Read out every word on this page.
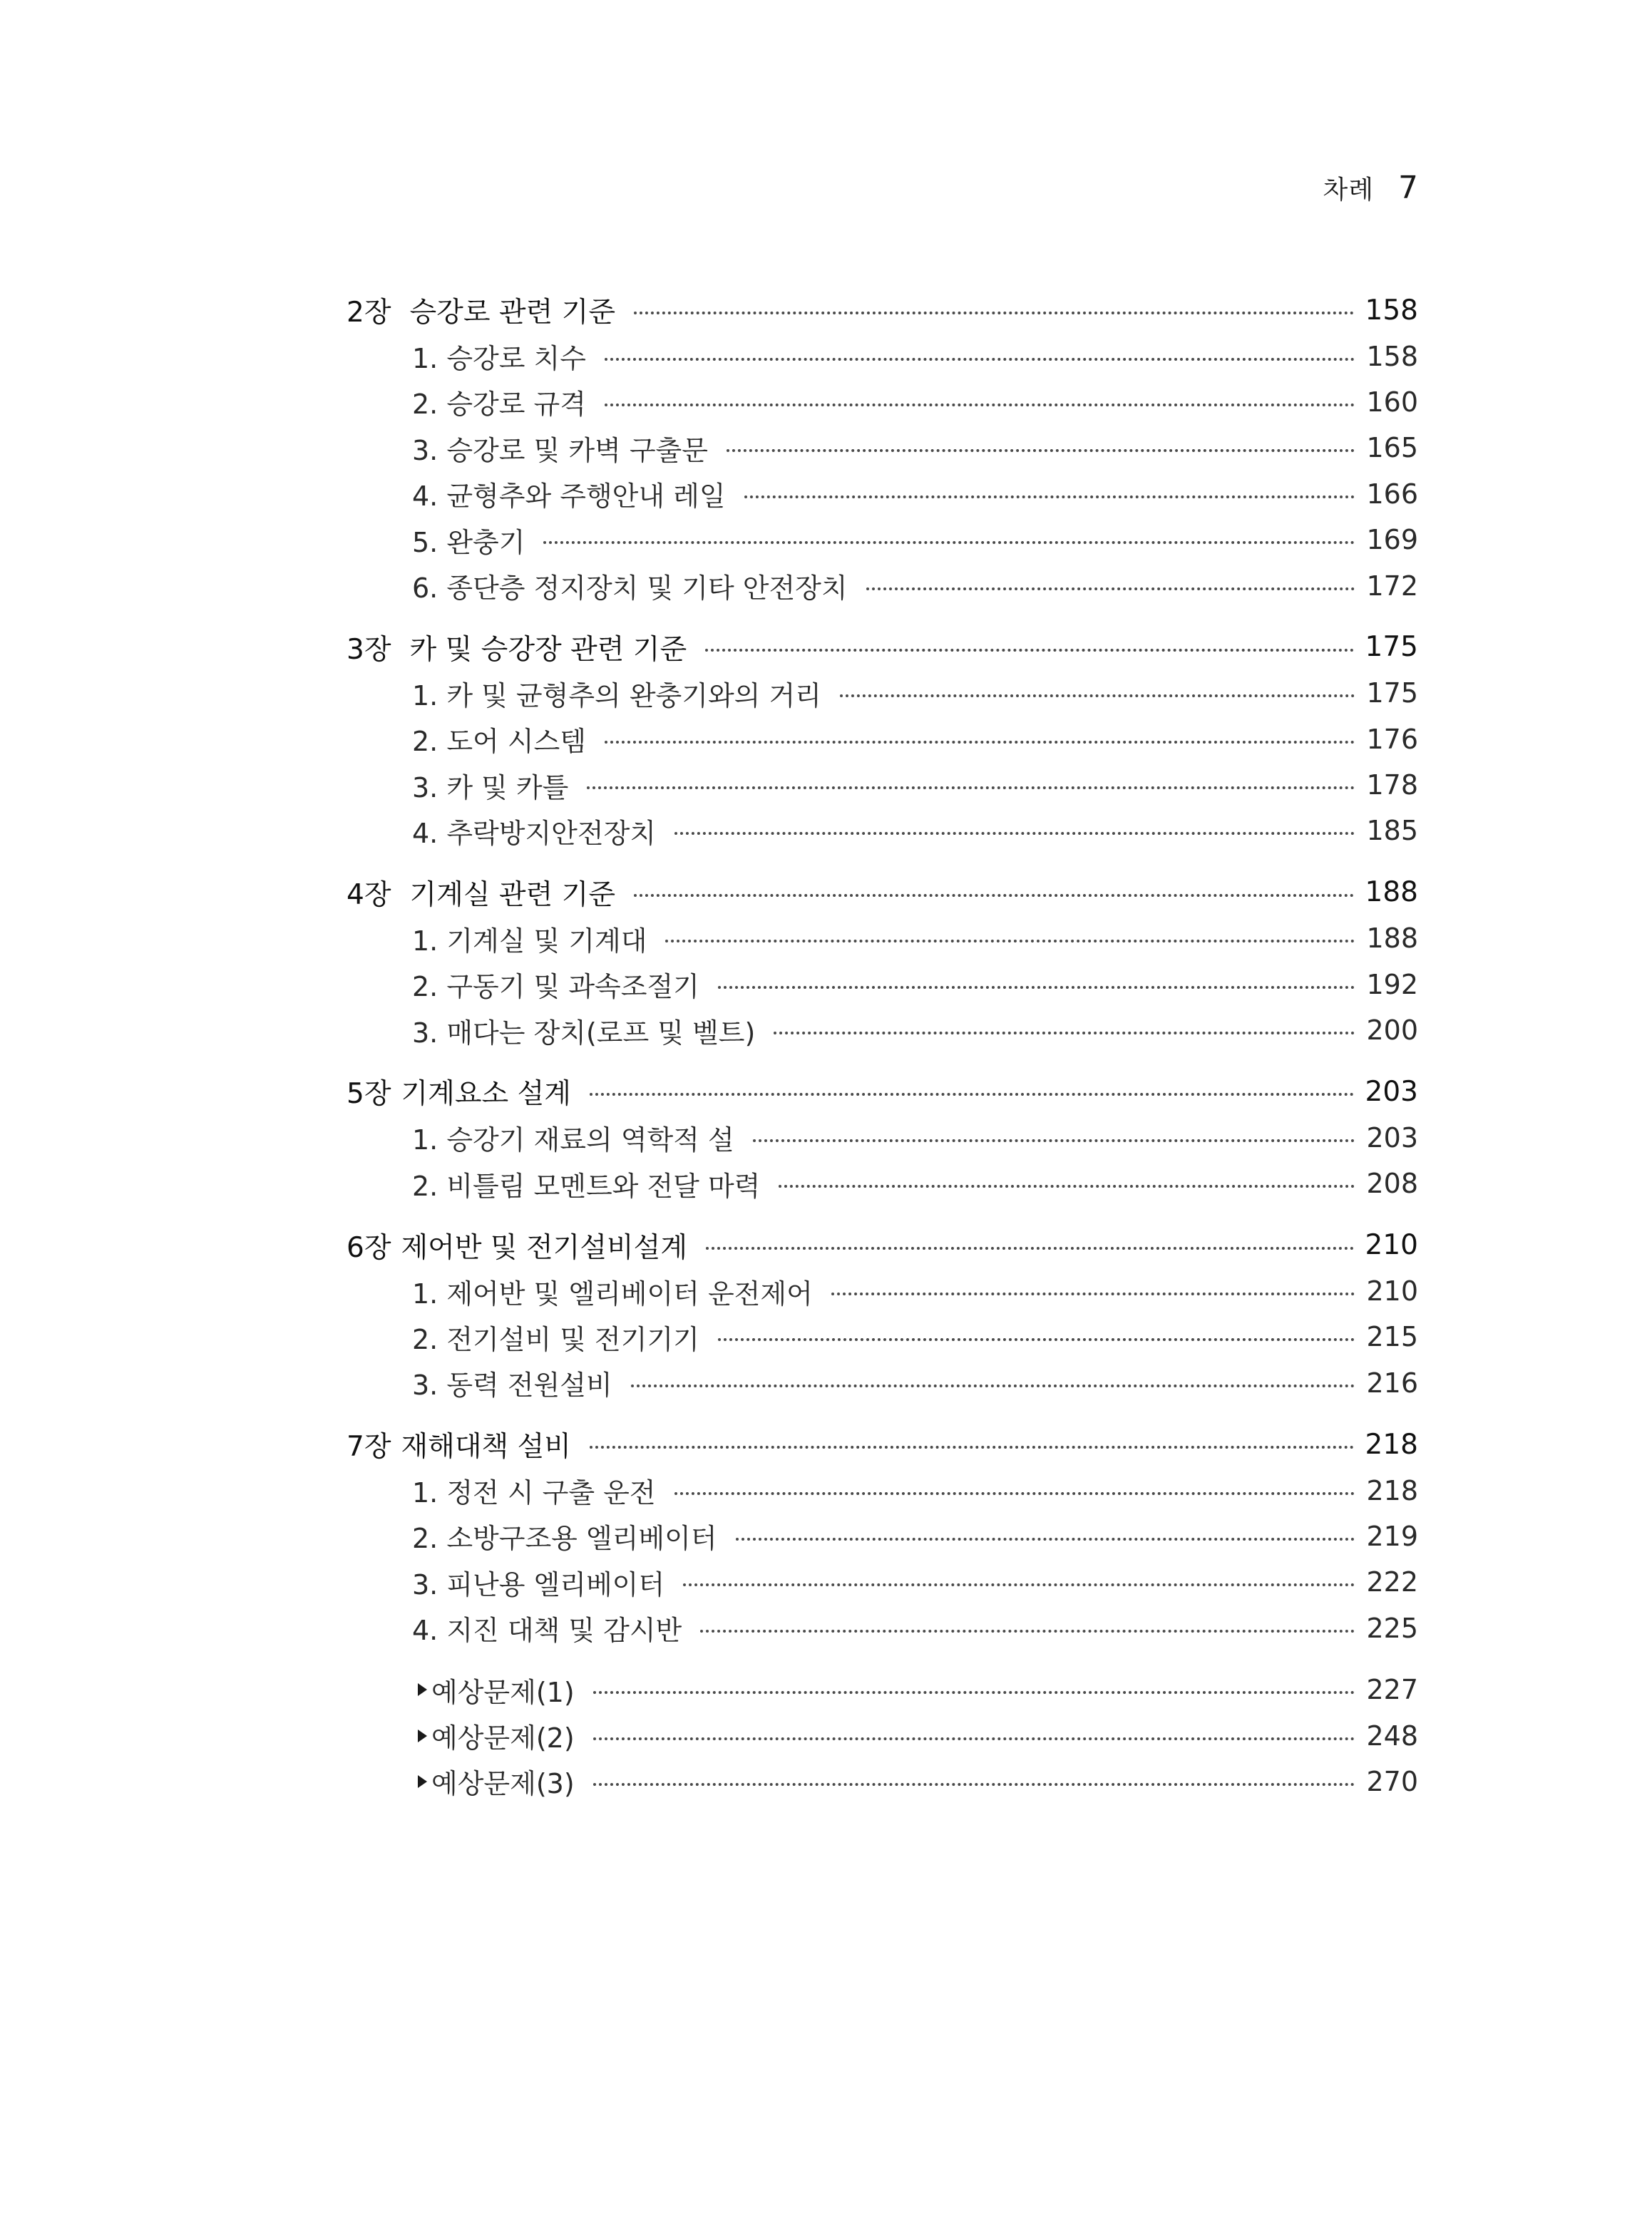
차례 7
2장 승강로 관련 기준	158
1. 승강로 치수	158
2. 승강로 규격	160
3. 승강로 및 카벽 구출문	165
4. 균형추와 주행안내 레일	166
5. 완충기	169
6. 종단층 정지장치 및 기타 안전장치	172
3장 카 및 승강장 관련 기준	175
1. 카 및 균형추의 완충기와의 거리	175
2. 도어 시스템	176
3. 카 및 카틀	178
4. 추락방지안전장치	185
4장 기계실 관련 기준	188
1. 기계실 및 기계대	188
2. 구동기 및 과속조절기	192
3. 매다는 장치(로프 및 벨트)	200
5장 기계요소 설계	203
1. 승강기 재료의 역학적 설	203
2. 비틀림 모멘트와 전달 마력	208
6장 제어반 및 전기설비설계	210
1. 제어반 및 엘리베이터 운전제어	210
2. 전기설비 및 전기기기	215
3. 동력 전원설비	216
7장 재해대책 설비	218
1. 정전 시 구출 운전	218
2. 소방구조용 엘리베이터	219
3. 피난용 엘리베이터	222
4. 지진 대책 및 감시반	225
예상문제(1)	227
예상문제(2)	248
예상문제(3)	270
